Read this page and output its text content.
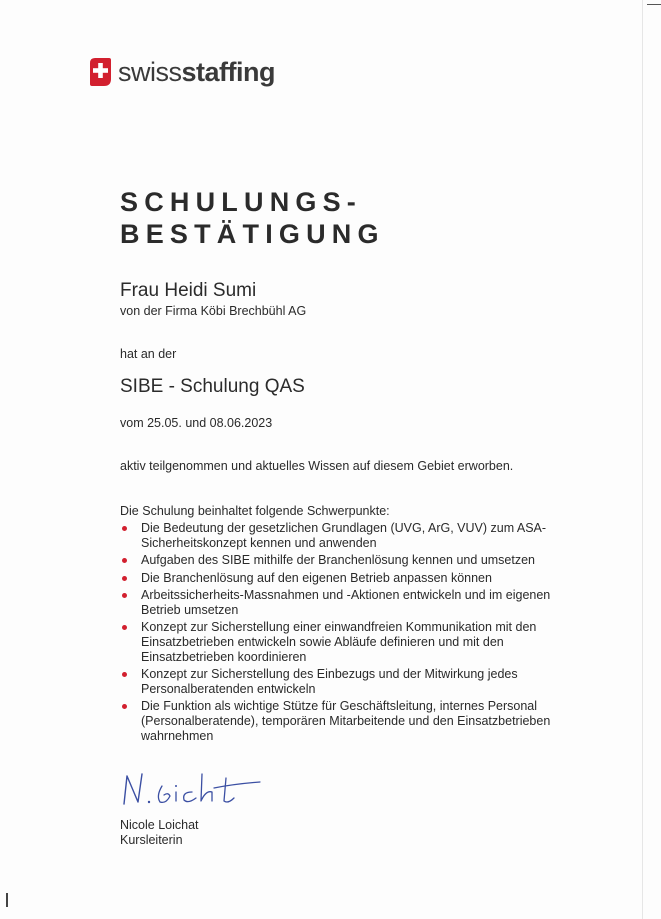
swissstaffing
SCHULUNGS-
BESTÄTIGUNG
Frau Heidi Sumi
von der Firma Köbi Brechbühl AG
hat an der
SIBE - Schulung QAS
vom 25.05. und 08.06.2023
aktiv teilgenommen und aktuelles Wissen auf diesem Gebiet erworben.
Die Schulung beinhaltet folgende Schwerpunkte:
Die Bedeutung der gesetzlichen Grundlagen (UVG, ArG, VUV) zum ASA-Sicherheitskonzept kennen und anwenden
Aufgaben des SIBE mithilfe der Branchenlösung kennen und umsetzen
Die Branchenlösung auf den eigenen Betrieb anpassen können
Arbeitssicherheits-Massnahmen und -Aktionen entwickeln und im eigenen Betrieb umsetzen
Konzept zur Sicherstellung einer einwandfreien Kommunikation mit den Einsatzbetrieben entwickeln sowie Abläufe definieren und mit den Einsatzbetrieben koordinieren
Konzept zur Sicherstellung des Einbezugs und der Mitwirkung jedes Personalberatenden entwickeln
Die Funktion als wichtige Stütze für Geschäftsleitung, internes Personal (Personalberatende), temporären Mitarbeitende und den Einsatzbetrieben wahrnehmen
Nicole Loichat
Kursleiterin
